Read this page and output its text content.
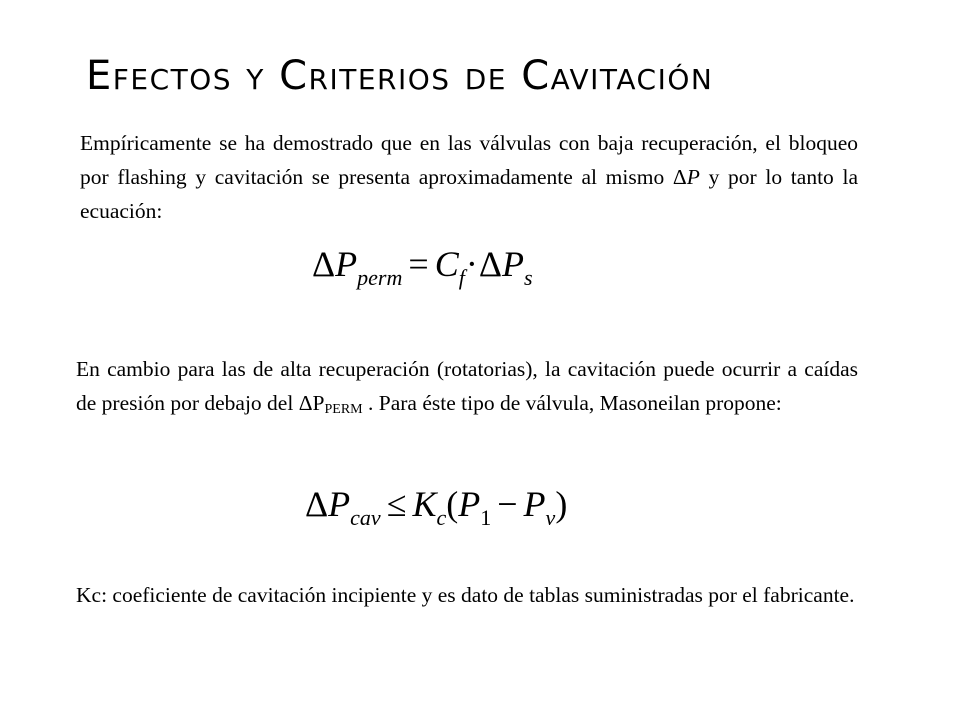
Efectos y Criterios de Cavitación

Empíricamente se ha demostrado que en las válvulas con baja recuperación, el bloqueo por flashing y cavitación se presenta aproximadamente al mismo ΔP y por lo tanto la ecuación:

$\Delta P_{perm} = C_f\cdot\Delta P_s$

En cambio para las de alta recuperación (rotatorias), la cavitación puede ocurrir a caídas de presión por debajo del ΔPPERM . Para éste tipo de válvula, Masoneilan propone:

$\Delta P_{cav} \le K_c(P_1 - P_v)$

Kc: coeficiente de cavitación incipiente y es dato de tablas suministradas por el fabricante.
